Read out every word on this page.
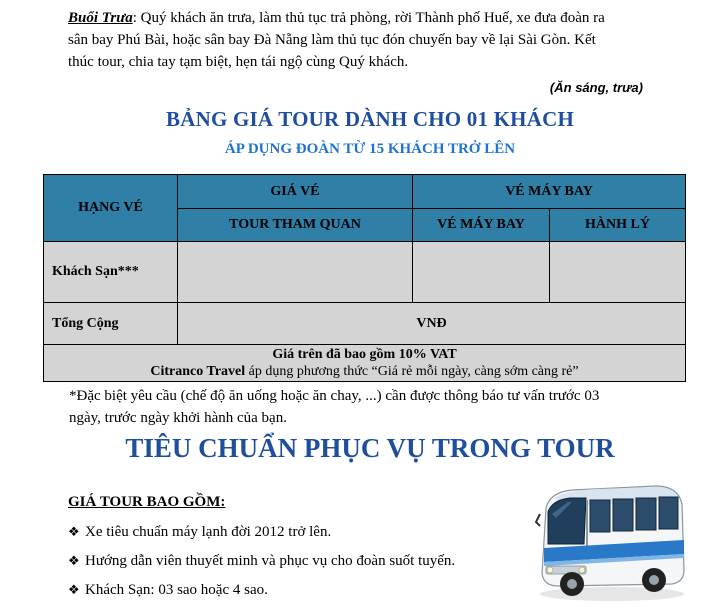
Buổi Trưa: Quý khách ăn trưa, làm thủ tục trả phòng, rời Thành phố Huế, xe đưa đoàn ra
sân bay Phú Bài, hoặc sân bay Đà Nẵng làm thủ tục đón chuyến bay về lại Sài Gòn. Kết
thúc tour, chia tay tạm biệt, hẹn tái ngộ cùng Quý khách.
(Ăn sáng, trưa)
BẢNG GIÁ TOUR DÀNH CHO 01 KHÁCH
ÁP DỤNG ĐOÀN TỪ 15 KHÁCH TRỞ LÊN
HẠNG VÉ	GIÁ VÉ	VÉ MÁY BAY	
	TOUR THAM QUAN	VÉ MÁY BAY	HÀNH LÝ
Khách Sạn***			
Tổng Cộng	VNĐ		

Giá trên đã bao gồm 10% VAT
Citranco Travel áp dụng phương thức “Giá rẻ mỗi ngày, càng sớm càng rẻ”			
*Đặc biệt yêu cầu (chế độ ăn uống hoặc ăn chay, ...) cần được thông báo tư vấn trước 03
ngày, trước ngày khởi hành của bạn.
TIÊU CHUẨN PHỤC VỤ TRONG TOUR
GIÁ TOUR BAO GỒM:
❖ Xe tiêu chuẩn máy lạnh đời 2012 trở lên.
❖ Hướng dẫn viên thuyết minh và phục vụ cho đoàn suốt tuyến.
❖ Khách Sạn: 03 sao hoặc 4 sao.
